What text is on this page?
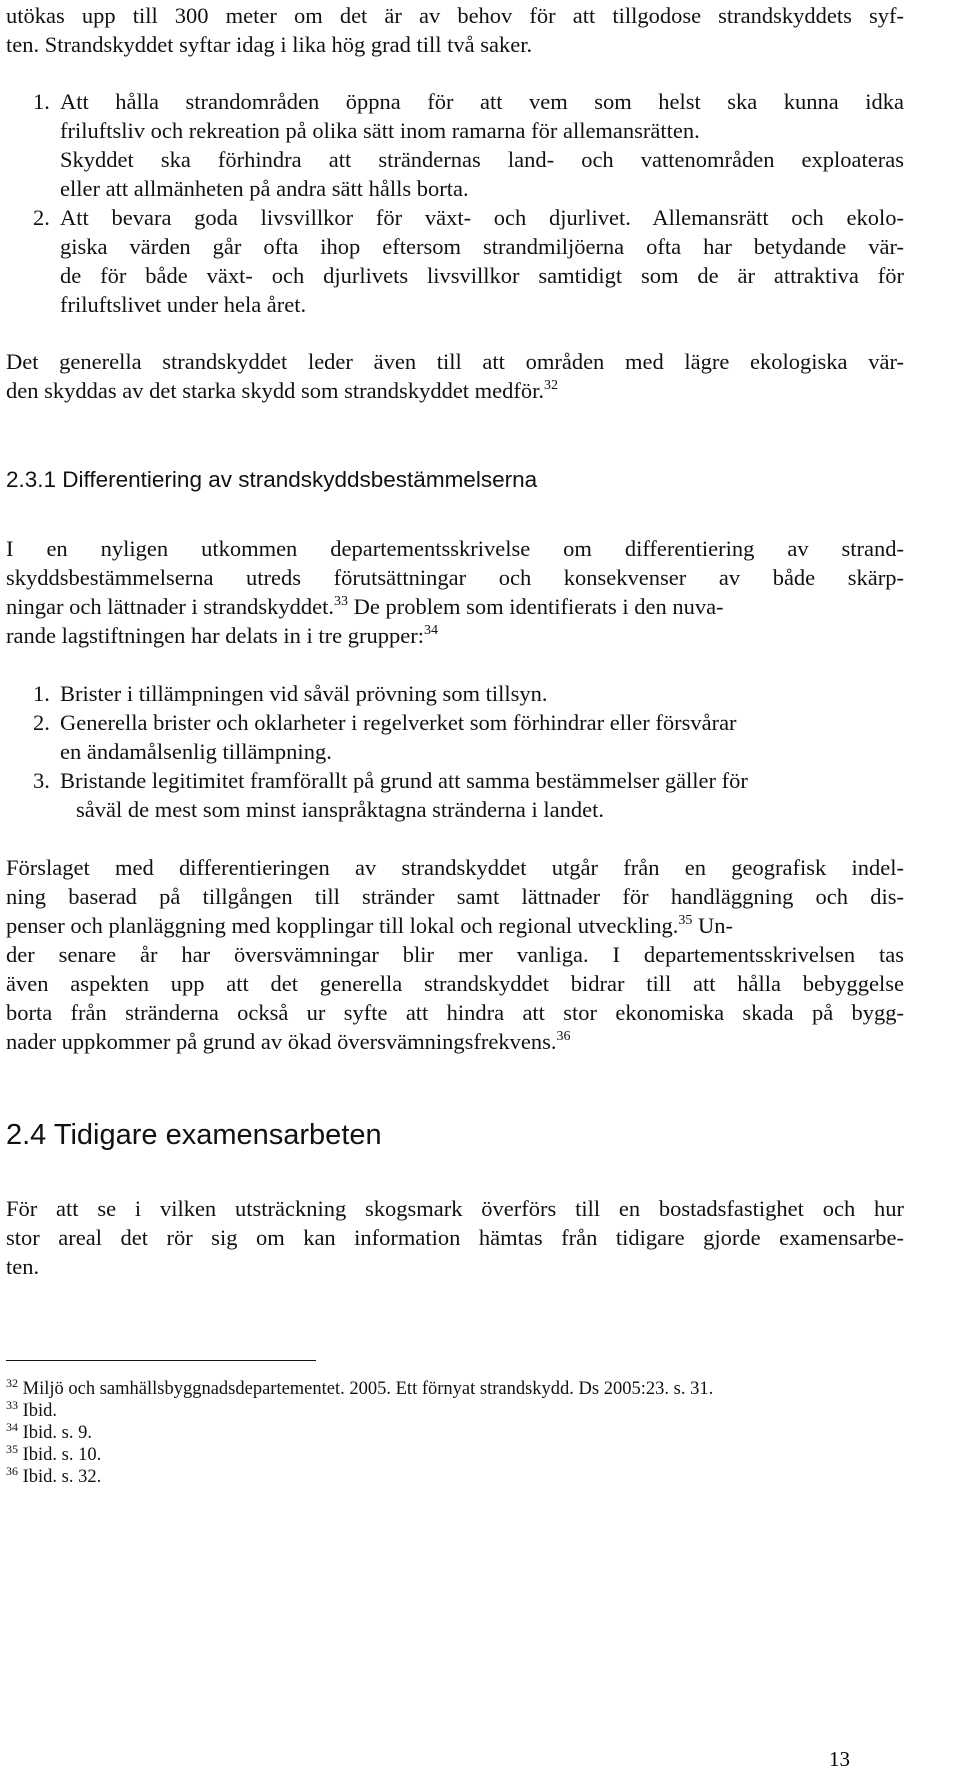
utökas upp till 300 meter om det är av behov för att tillgodose strandskyddets syf-
ten. Strandskyddet syftar idag i lika hög grad till två saker.
1. Att hålla strandområden öppna för att vem som helst ska kunna idka
friluftsliv och rekreation på olika sätt inom ramarna för allemansrätten.
Skyddet ska förhindra att strändernas land- och vattenområden exploateras
eller att allmänheten på andra sätt hålls borta.
2. Att bevara goda livsvillkor för växt- och djurlivet. Allemansrätt och ekolo-
giska värden går ofta ihop eftersom strandmiljöerna ofta har betydande vär-
de för både växt- och djurlivets livsvillkor samtidigt som de är attraktiva för
friluftslivet under hela året.
Det generella strandskyddet leder även till att områden med lägre ekologiska vär-
den skyddas av det starka skydd som strandskyddet medför.$^{32}$
2.3.1 Differentiering av strandskyddsbestämmelserna
I en nyligen utkommen departementsskrivelse om differentiering av strand-
skyddsbestämmelserna utreds förutsättningar och konsekvenser av både skärp-
ningar och lättnader i strandskyddet.$^{33}$ De problem som identifierats i den nuva-
rande lagstiftningen har delats in i tre grupper:$^{34}$
1. Brister i tillämpningen vid såväl prövning som tillsyn.
2. Generella brister och oklarheter i regelverket som förhindrar eller försvårar
en ändamålsenlig tillämpning.
3. Bristande legitimitet framförallt på grund att samma bestämmelser gäller för
såväl de mest som minst ianspråktagna stränderna i landet.
Förslaget med differentieringen av strandskyddet utgår från en geografisk indel-
ning baserad på tillgången till stränder samt lättnader för handläggning och dis-
penser och planläggning med kopplingar till lokal och regional utveckling.$^{35}$ Un-
der senare år har översvämningar blir mer vanliga. I departementsskrivelsen tas
även aspekten upp att det generella strandskyddet bidrar till att hålla bebyggelse
borta från stränderna också ur syfte att hindra att stor ekonomiska skada på bygg-
nader uppkommer på grund av ökad översvämningsfrekvens.$^{36}$
2.4 Tidigare examensarbeten
För att se i vilken utsträckning skogsmark överförs till en bostadsfastighet och hur
stor areal det rör sig om kan information hämtas från tidigare gjorde examensarbe-
ten.
$^{32}$ Miljö och samhällsbyggnadsdepartementet. 2005. Ett förnyat strandskydd. Ds 2005:23. s. 31.
$^{33}$ Ibid.
$^{34}$ Ibid. s. 9.
$^{35}$ Ibid. s. 10.
$^{36}$ Ibid. s. 32.
13
